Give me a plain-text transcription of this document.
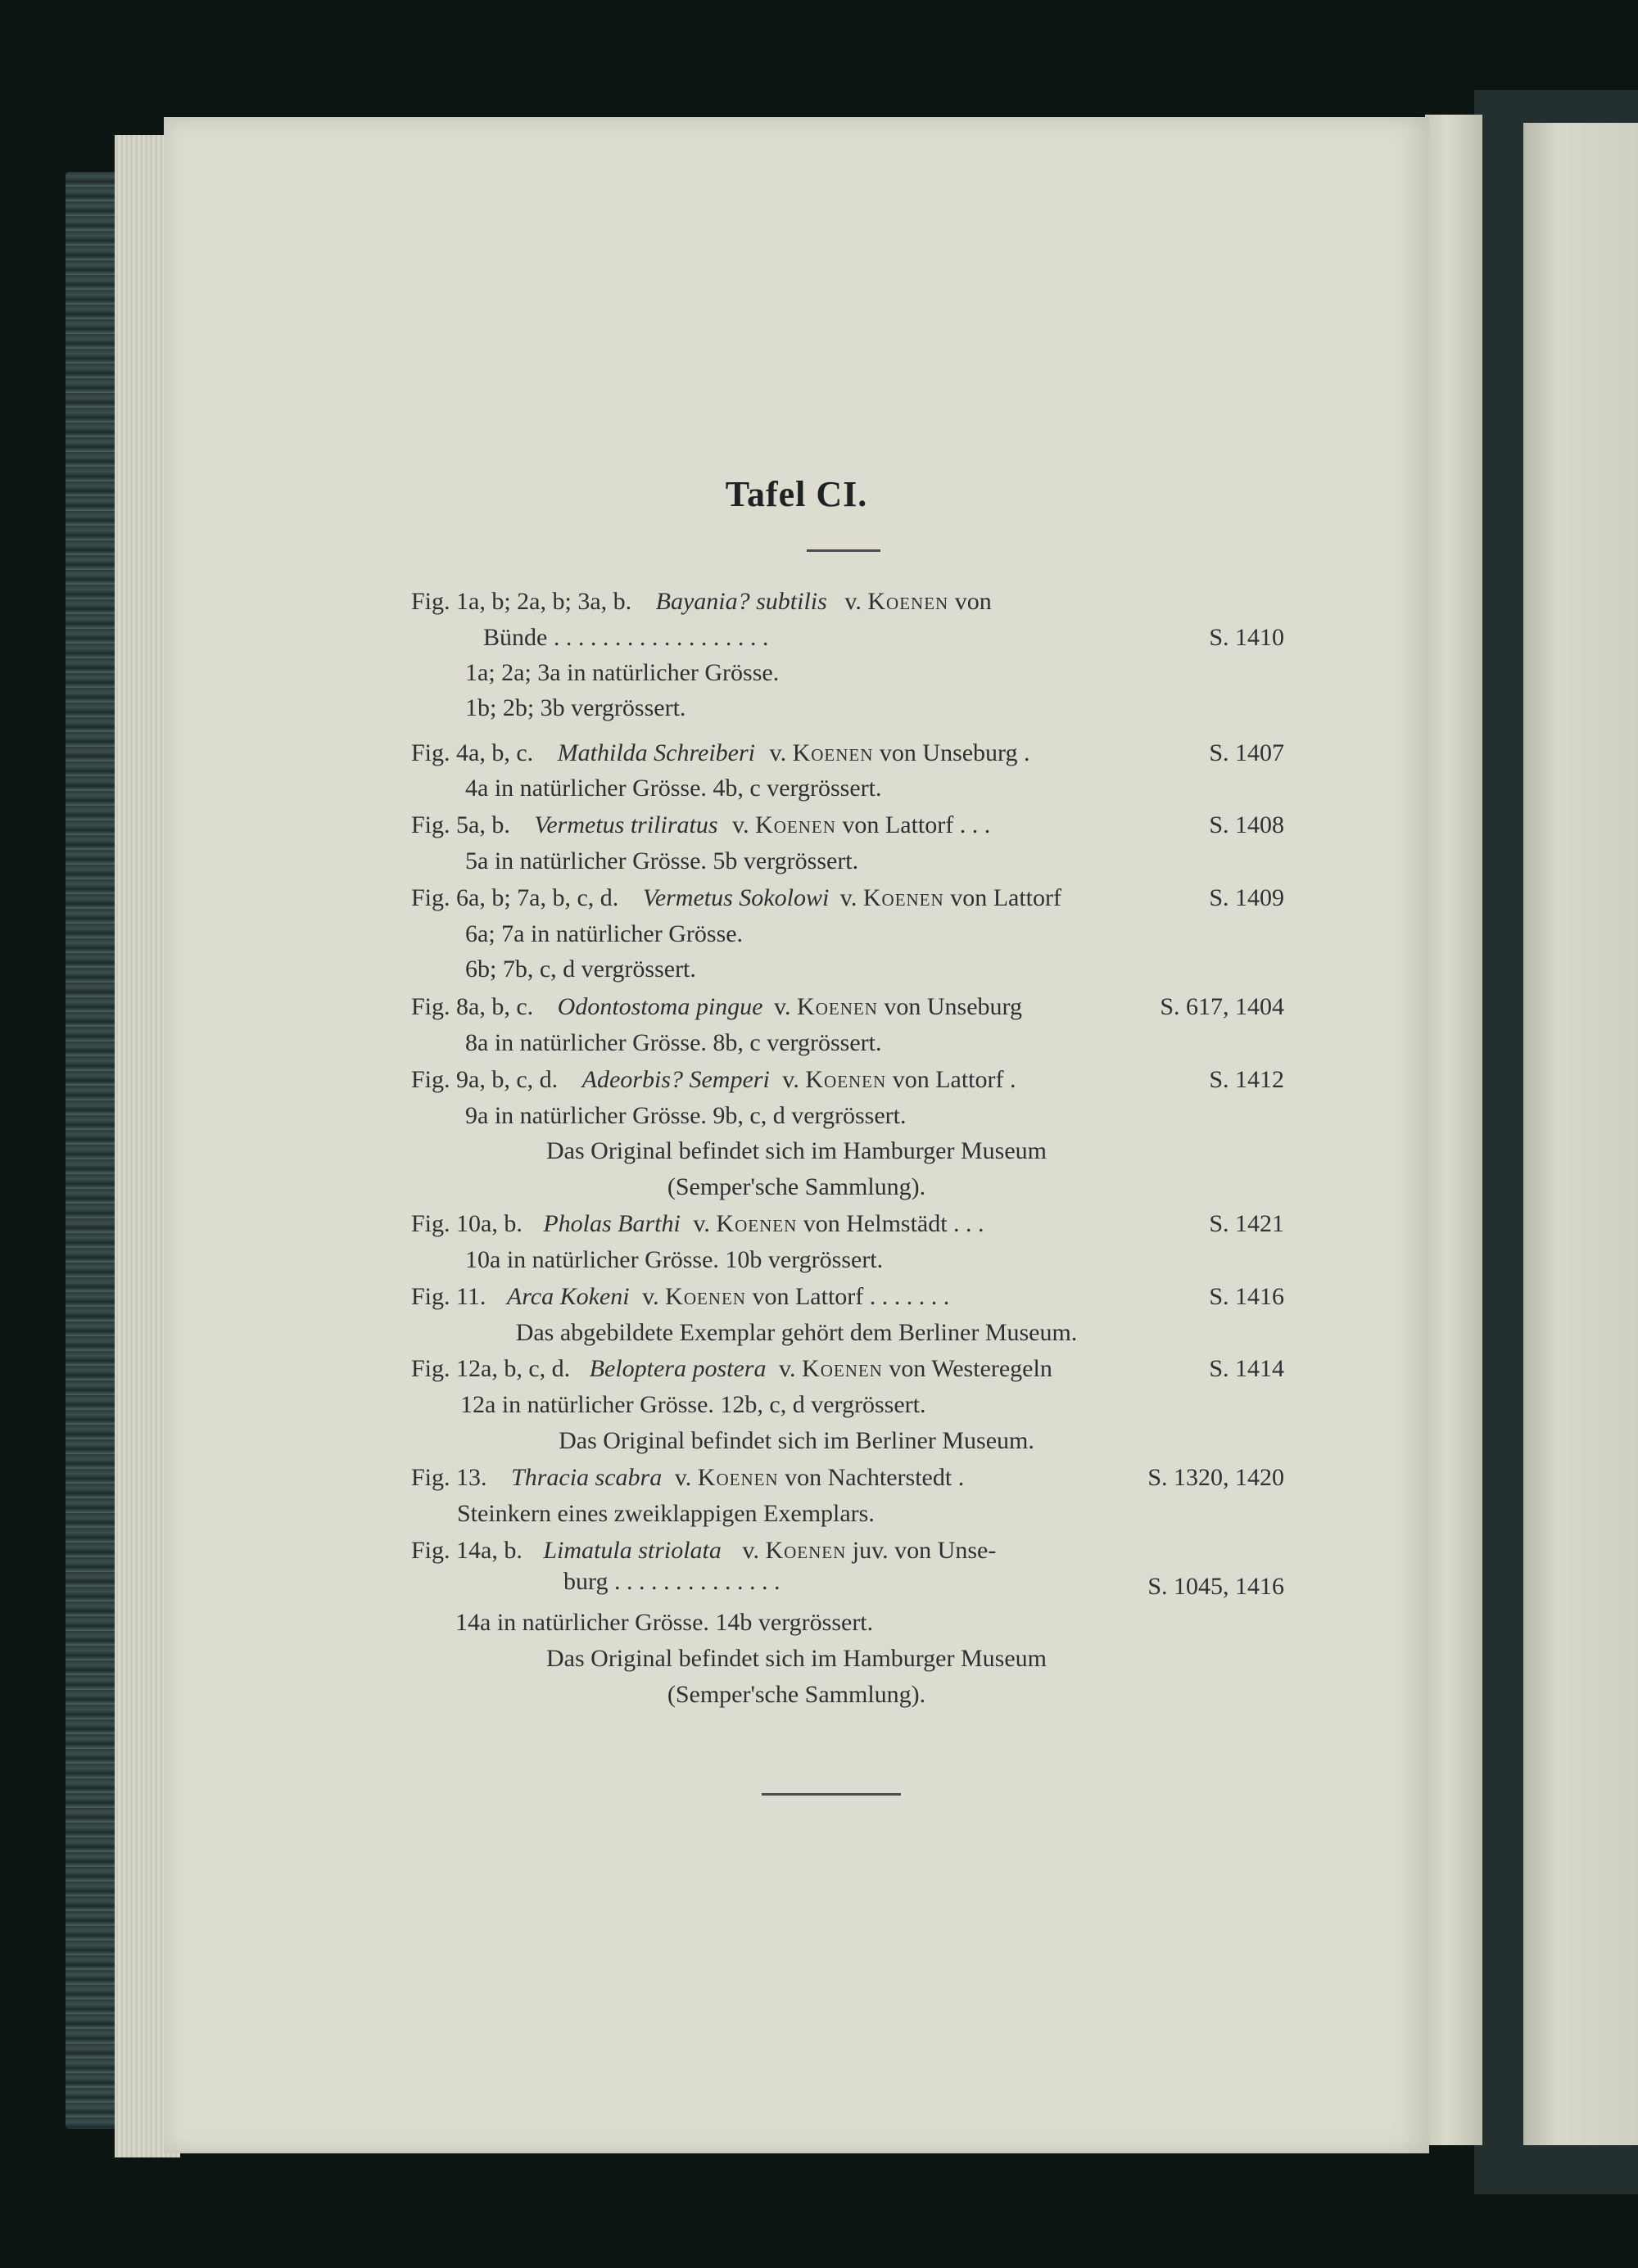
Tafel CI.
Fig. 1a, b; 2a, b; 3a, b. Bayania? subtilis v. Koenen von
Bünde . . . . . . . . . . . . . . . . . .	S. 1410
1a; 2a; 3a in natürlicher Grösse.
1b; 2b; 3b vergrössert.
Fig. 4a, b, c. Mathilda Schreiberi v. Koenen von Unseburg .	S. 1407
4a in natürlicher Grösse. 4b, c vergrössert.
Fig. 5a, b. Vermetus triliratus v. Koenen von Lattorf . . .	S. 1408
5a in natürlicher Grösse. 5b vergrössert.
Fig. 6a, b; 7a, b, c, d. Vermetus Sokolowi v. Koenen von Lattorf	S. 1409
6a; 7a in natürlicher Grösse.
6b; 7b, c, d vergrössert.
Fig. 8a, b, c. Odontostoma pingue v. Koenen von Unseburg	S. 617, 1404
8a in natürlicher Grösse. 8b, c vergrössert.
Fig. 9a, b, c, d. Adeorbis? Semperi v. Koenen von Lattorf .	S. 1412
9a in natürlicher Grösse. 9b, c, d vergrössert.
Das Original befindet sich im Hamburger Museum
(Semper'sche Sammlung).
Fig. 10a, b. Pholas Barthi v. Koenen von Helmstädt . . .	S. 1421
10a in natürlicher Grösse. 10b vergrössert.
Fig. 11. Arca Kokeni v. Koenen von Lattorf . . . . . . .	S. 1416
Das abgebildete Exemplar gehört dem Berliner Museum.
Fig. 12a, b, c, d. Beloptera postera v. Koenen von Westeregeln	S. 1414
12a in natürlicher Grösse. 12b, c, d vergrössert.
Das Original befindet sich im Berliner Museum.
Fig. 13. Thracia scabra v. Koenen von Nachterstedt .	S. 1320, 1420
Steinkern eines zweiklappigen Exemplars.
Fig. 14a, b. Limatula striolata v. Koenen juv. von Unse-
burg . . . . . . . . . . . . . .	S. 1045, 1416
14a in natürlicher Grösse. 14b vergrössert.
Das Original befindet sich im Hamburger Museum
(Semper'sche Sammlung).
